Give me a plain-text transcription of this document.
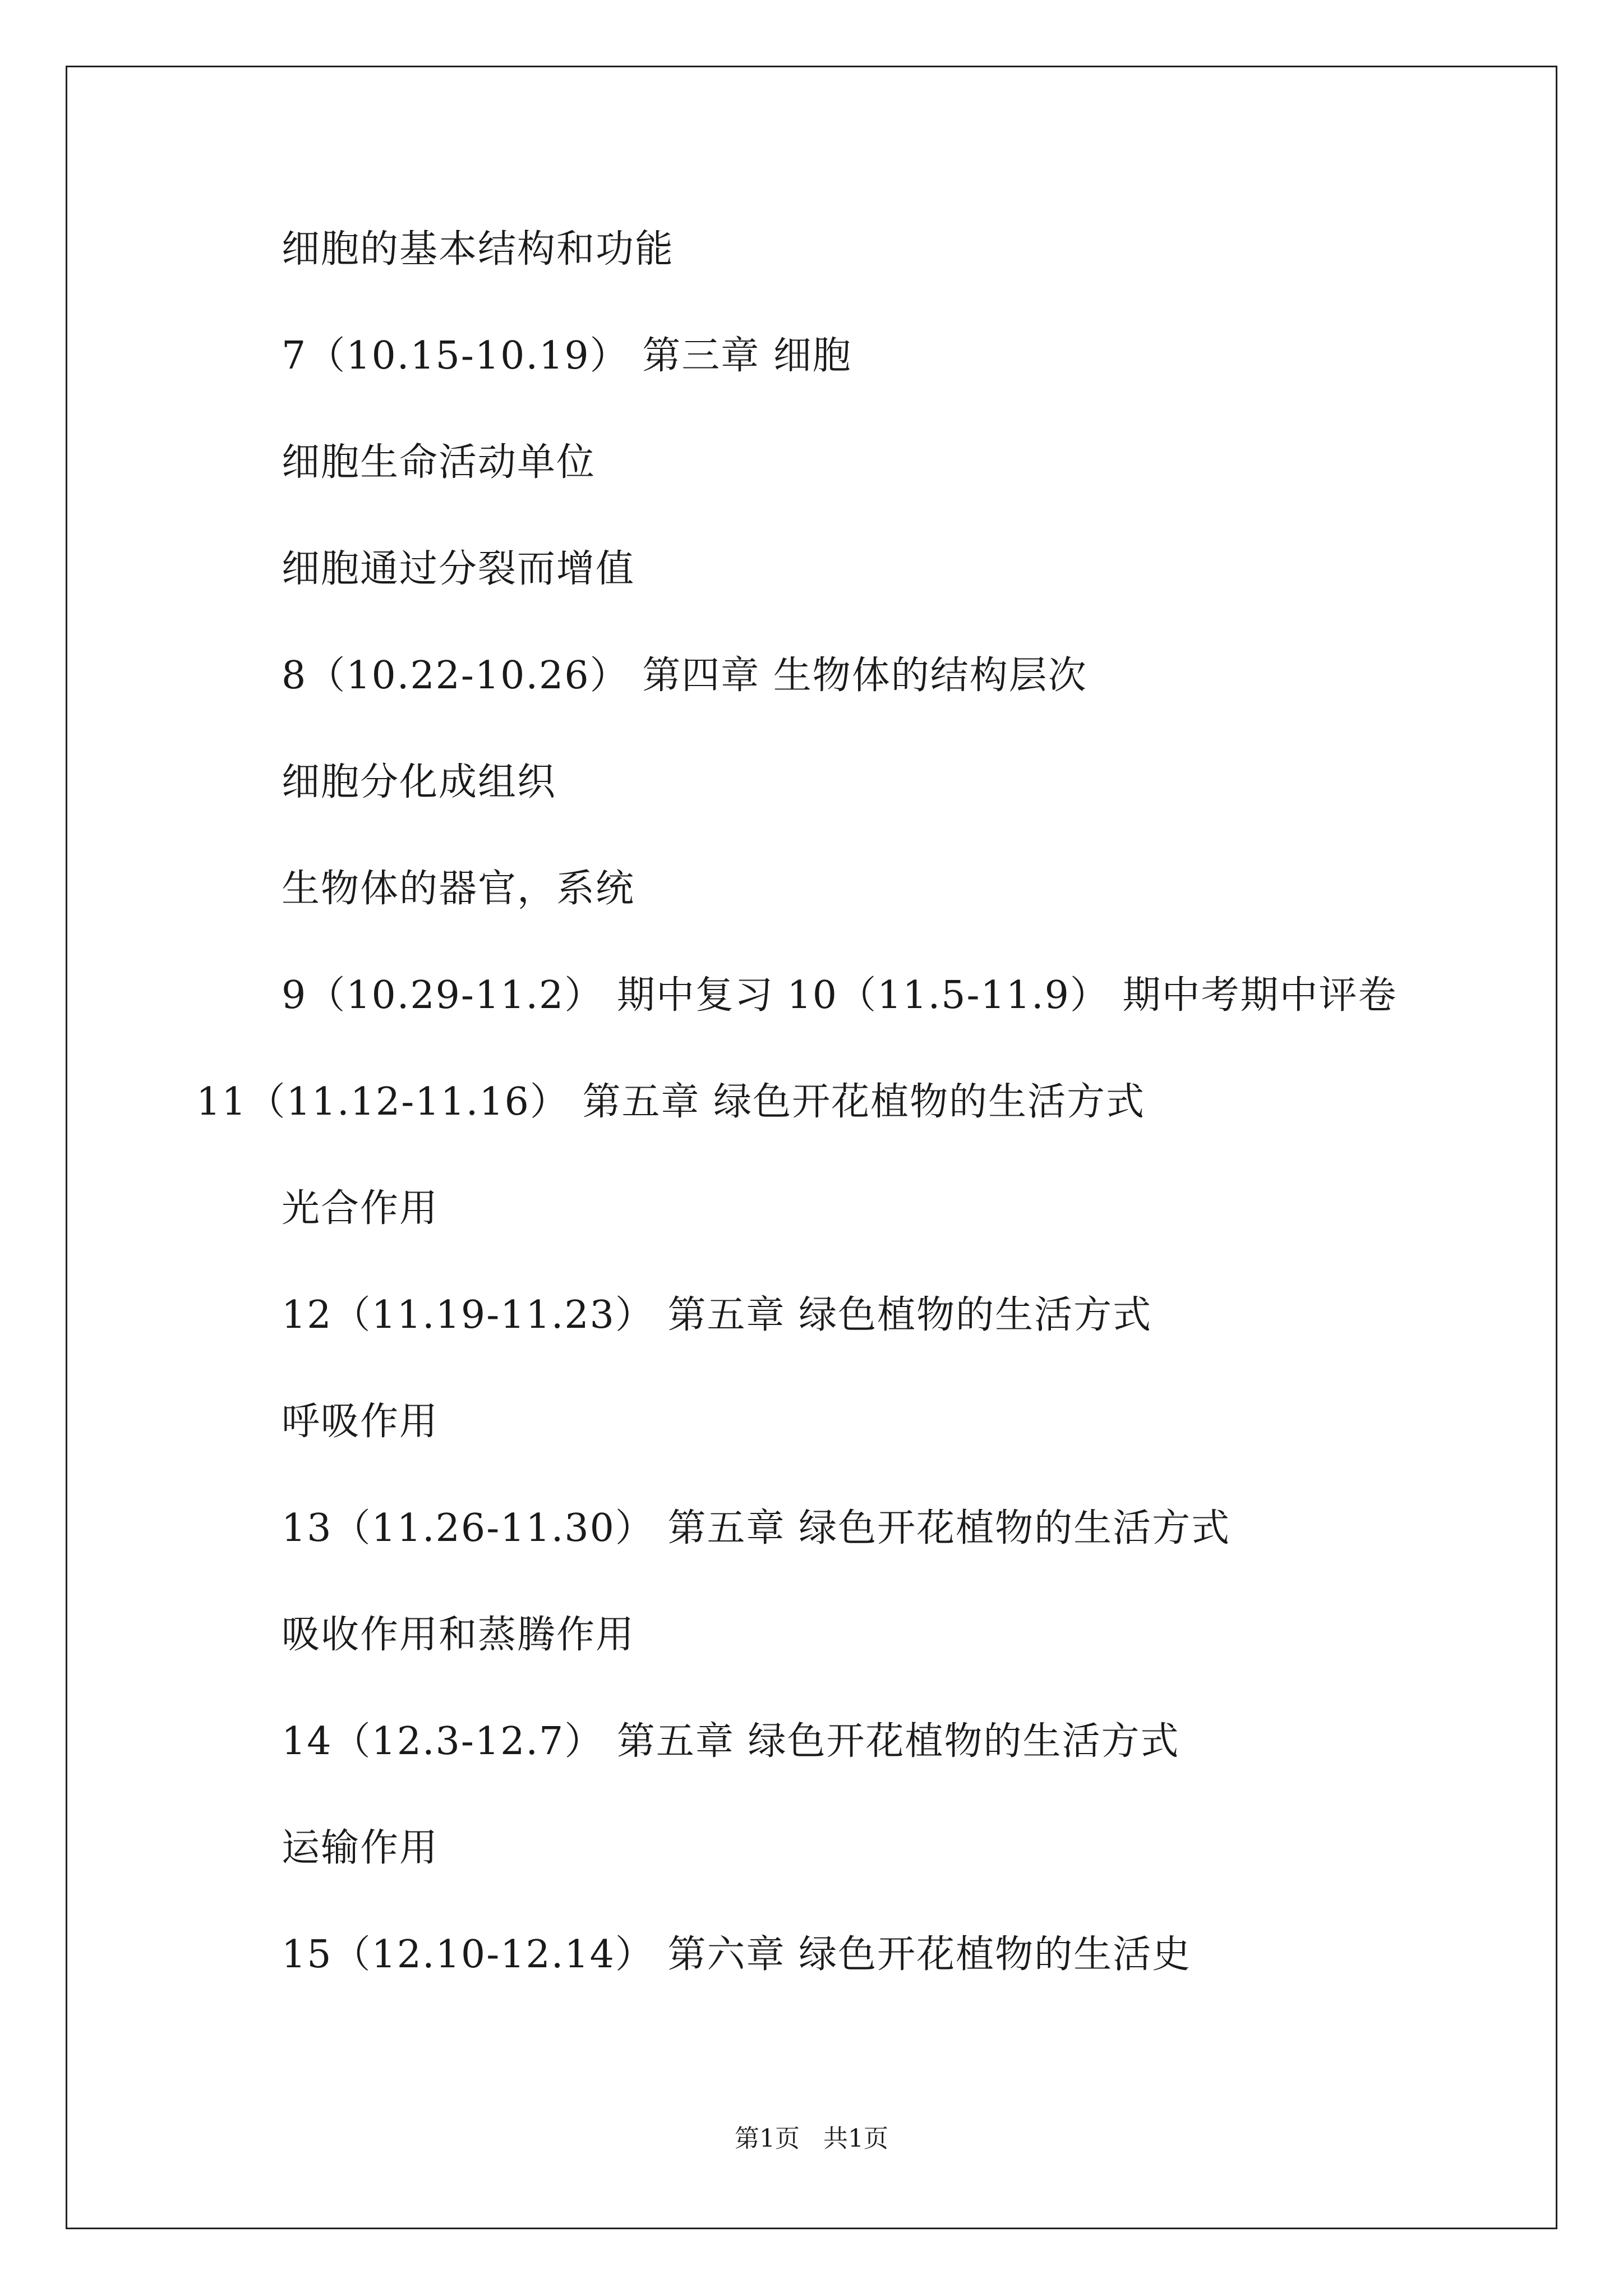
细胞的基本结构和功能
7（10.15-10.19） 第三章 细胞
细胞生命活动单位
细胞通过分裂而增值
8（10.22-10.26） 第四章 生物体的结构层次
细胞分化成组织
生物体的器官，系统
9（10.29-11.2） 期中复习 10（11.5-11.9） 期中考期中评卷
11（11.12-11.16） 第五章 绿色开花植物的生活方式
光合作用
12（11.19-11.23） 第五章 绿色植物的生活方式
呼吸作用
13（11.26-11.30） 第五章 绿色开花植物的生活方式
吸收作用和蒸腾作用
14（12.3-12.7） 第五章 绿色开花植物的生活方式
运输作用
15（12.10-12.14） 第六章 绿色开花植物的生活史
第1页   共1页
